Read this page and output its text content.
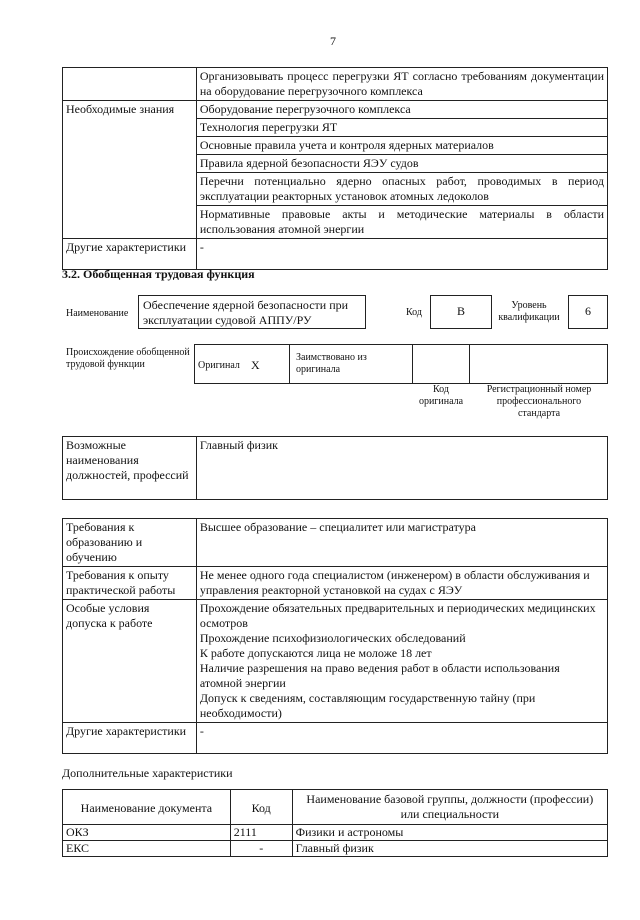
7
	Организовывать процесс перегрузки ЯТ согласно требованиям документации на оборудование перегрузочного комплекса
Необходимые знания	Оборудование перегрузочного комплекса
	Технология перегрузки ЯТ
	Основные правила учета и контроля ядерных материалов
	Правила ядерной безопасности ЯЭУ судов
	Перечни потенциально ядерно опасных работ, проводимых в период эксплуатации реакторных установок атомных ледоколов
	Нормативные правовые акты и методические материалы в области использования атомной энергии
Другие характеристики	-
3.2. Обобщенная трудовая функция
Наименование
Обеспечение ядерной безопасности при эксплуатации судовой АППУ/РУ
Код	B	Уровень квалификации	6
Происхождение обобщенной трудовой функции	Оригинал X
Заимствовано из оригинала
Код оригинала
Регистрационный номер профессионального стандарта
Возможные наименования должностей, профессий	Главный физик
Требования к образованию и обучению	Высшее образование – специалитет или магистратура
Требования к опыту практической работы	Не менее одного года специалистом (инженером) в области обслуживания и управления реакторной установкой на судах с ЯЭУ
Особые условия допуска к работе	Прохождение обязательных предварительных и периодических медицинских осмотров
Прохождение психофизиологических обследований
К работе допускаются лица не моложе 18 лет
Наличие разрешения на право ведения работ в области использования атомной энергии
Допуск к сведениям, составляющим государственную тайну (при необходимости)

Другие характеристики	-
Дополнительные характеристики
Наименование документа	Код	Наименование базовой группы, должности (профессии) или специальности
ОКЗ	2111	Физики и астрономы
ЕКС	-	Главный физик
